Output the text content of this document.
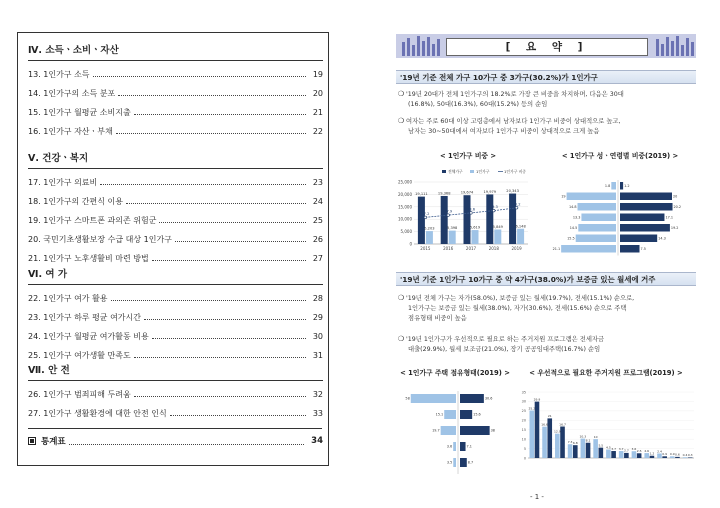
Ⅳ. 소득ㆍ소비ㆍ자산
13. 1인가구 소득	19
14. 1인가구의 소득 분포	20
15. 1인가구 월평균 소비지출	21
16. 1인가구 자산ㆍ부채	22
Ⅴ. 건강ㆍ복지
17. 1인가구 의료비	23
18. 1인가구의 간편식 이용	24
19. 1인가구 스마트폰 과의존 위험군	25
20. 국민기초생활보장 수급 대상 1인가구	26
21. 1인가구 노후생활비 마련 방법	27
Ⅵ. 여 가
22. 1인가구 여가 활용	28
23. 1인가구 하루 평균 여가시간	29
24. 1인가구 월평균 여가활동 비용	30
25. 1인가구 여가생활 만족도	31
Ⅶ. 안 전
26. 1인가구 범죄피해 두려움	32
27. 1인가구 생활환경에 대한 안전 인식	33
통계표	34
[ 요 약 ]
'19년 기준 전체 가구 10가구 중 3가구(30.2%)가 1인가구
❍ '19년 20대가 전체 1인가구의 18.2%로 가장 큰 비중을 차지하며, 다음은 30대
(16.8%), 50대(16.3%), 60대(15.2%) 등의 순임
❍ 여자는 주로 60대 이상 고령층에서 남자보다 1인가구 비중이 상대적으로 높고,
남자는 30~50대에서 여자보다 1인가구 비중이 상대적으로 크게 높음
< 1인가구 비중 >	< 1인가구 성ㆍ연령별 비중(2019) >
0
5,000
10,000
15,000
20,000
25,000
19,111
5,203
2015
19,368
5,398
2016
19,674
5,619
2017
19,979
5,849
2018
20,343
6,148
2019
27.2
27.9
28.6
29.3
30.2
전체가구	1인가구	1인가구 비중
1.8
19
14.8
13.3
14.5
15.5
21.1
1.2
20
20.2
17.1
19.2
14.3
7.5
'19년 기준 1인가구 10가구 중 약 4가구(38.0%)가 보증금 있는 월세에 거주
❍ '19년 전체 가구는 자가(58.0%), 보증금 있는 월세(19.7%), 전세(15.1%) 순으로,
1인가구는 보증금 있는 월세(38.0%), 자가(30.6%), 전세(15.6%) 순으로 주택
점유형태 비중이 높음
❍ '19년 1인가구가 우선적으로 필요로 하는 주거지원 프로그램은 전세자금
대출(29.9%), 월세 보조금(21.0%), 장기 공공임대주택(16.7%) 순임
< 1인가구 주택 점유형태(2019) >	< 우선적으로 필요한 주거지원 프로그램(2019) >
58
15.1
19.7
3.6
3.5
30.6
15.6
38
7.1
8.7
0
5
10
15
20
25
30
35
25.2
29.9
16.6
21
12.9
16.7
7.3 6.8
10.3
8.1
10
5.5 4.5 3.7 3.7 2.7 3.6
2.5 2.6
1.2
2.4
0.9 0.9 0.6 0.4 0.3
- 1 -
